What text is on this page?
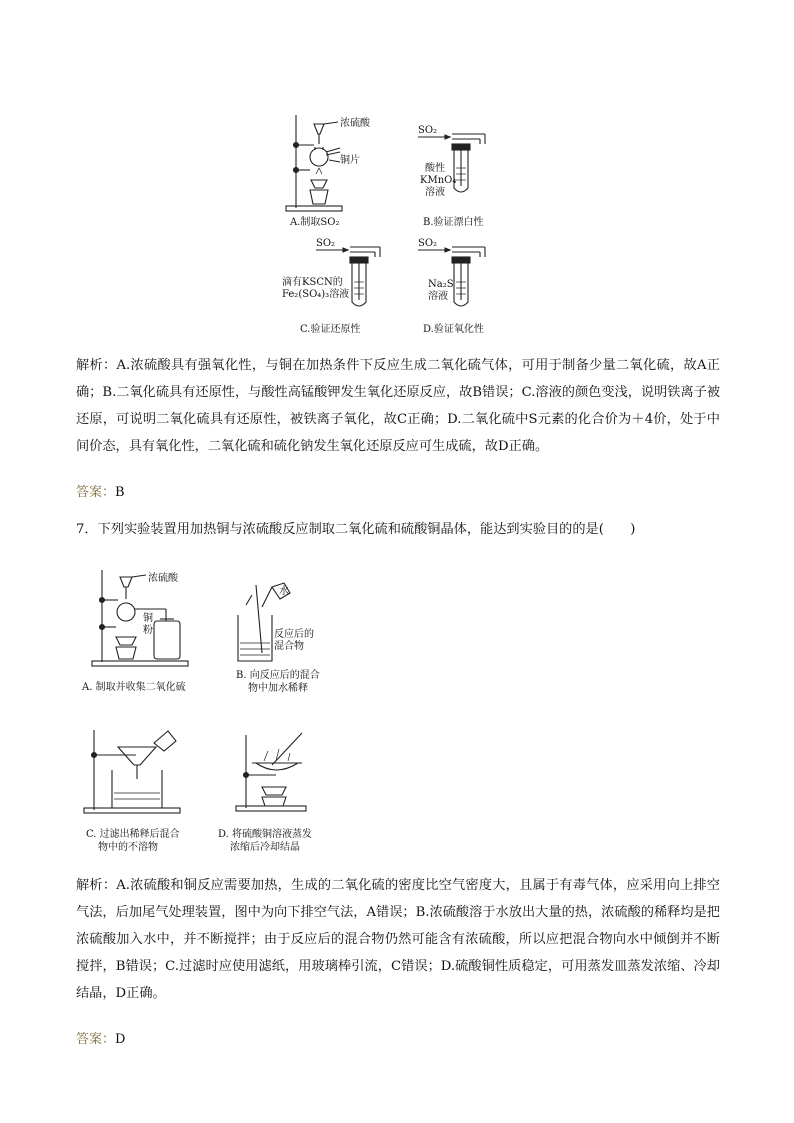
浓硫酸
铜片
SO₂
酸性
KMnO₄
溶液
A.制取SO₂	B.验证漂白性
SO₂
滴有KSCN的
Fe₂(SO₄)₃溶液
SO₂
Na₂S
溶液
C.验证还原性	D.验证氧化性
解析：A.浓硫酸具有强氧化性，与铜在加热条件下反应生成二氧化硫气体，可用于制备少量二氧化硫，故A正确；B.二氧化硫具有还原性，与酸性高锰酸钾发生氧化还原反应，故B错误；C.溶液的颜色变浅，说明铁离子被还原，可说明二氧化硫具有还原性，被铁离子氧化，故C正确；D.二氧化硫中S元素的化合价为＋4价，处于中间价态，具有氧化性，二氧化硫和硫化钠发生氧化还原反应可生成硫，故D正确。
答案：B
7．下列实验装置用加热铜与浓硫酸反应制取二氧化硫和硫酸铜晶体，能达到实验目的的是(　　)
浓硫酸
铜
粉
水
反应后的
混合物
A. 制取并收集二氧化硫
B. 向反应后的混合
物中加水稀释
C. 过滤出稀释后混合
物中的不溶物
D. 将硫酸铜溶液蒸发
浓缩后冷却结晶
解析：A.浓硫酸和铜反应需要加热，生成的二氧化硫的密度比空气密度大，且属于有毒气体，应采用向上排空气法，后加尾气处理装置，图中为向下排空气法，A错误；B.浓硫酸溶于水放出大量的热，浓硫酸的稀释均是把浓硫酸加入水中，并不断搅拌；由于反应后的混合物仍然可能含有浓硫酸，所以应把混合物向水中倾倒并不断搅拌，B错误；C.过滤时应使用滤纸，用玻璃棒引流，C错误；D.硫酸铜性质稳定，可用蒸发皿蒸发浓缩、冷却结晶，D正确。
答案：D
